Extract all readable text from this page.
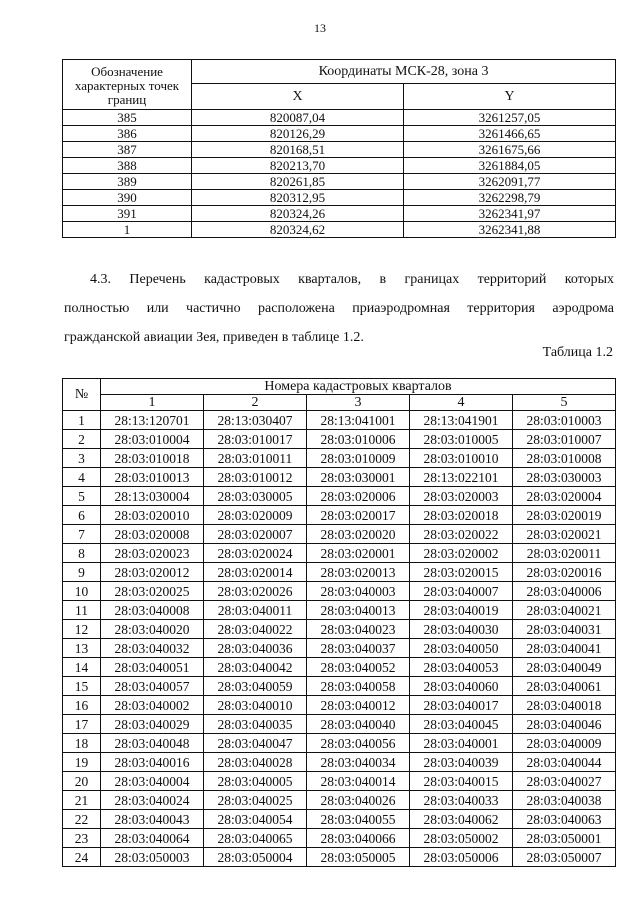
13
Обозначение характерных точек границ	Координаты МСК-28, зона 3	
	X	Y
385	820087,04	3261257,05
386	820126,29	3261466,65
387	820168,51	3261675,66
388	820213,70	3261884,05
389	820261,85	3262091,77
390	820312,95	3262298,79
391	820324,26	3262341,97
1	820324,62	3262341,88
4.3. Перечень кадастровых кварталов, в границах территорий которых
полностью или частично расположена приаэродромная территория аэродрома
гражданской авиации Зея, приведен в таблице 1.2.
Таблица 1.2
№	Номера кадастровых кварталов				
	1	2	3	4	5
1	28:13:120701	28:13:030407	28:13:041001	28:13:041901	28:03:010003
2	28:03:010004	28:03:010017	28:03:010006	28:03:010005	28:03:010007
3	28:03:010018	28:03:010011	28:03:010009	28:03:010010	28:03:010008
4	28:03:010013	28:03:010012	28:03:030001	28:13:022101	28:03:030003
5	28:13:030004	28:03:030005	28:03:020006	28:03:020003	28:03:020004
6	28:03:020010	28:03:020009	28:03:020017	28:03:020018	28:03:020019
7	28:03:020008	28:03:020007	28:03:020020	28:03:020022	28:03:020021
8	28:03:020023	28:03:020024	28:03:020001	28:03:020002	28:03:020011
9	28:03:020012	28:03:020014	28:03:020013	28:03:020015	28:03:020016
10	28:03:020025	28:03:020026	28:03:040003	28:03:040007	28:03:040006
11	28:03:040008	28:03:040011	28:03:040013	28:03:040019	28:03:040021
12	28:03:040020	28:03:040022	28:03:040023	28:03:040030	28:03:040031
13	28:03:040032	28:03:040036	28:03:040037	28:03:040050	28:03:040041
14	28:03:040051	28:03:040042	28:03:040052	28:03:040053	28:03:040049
15	28:03:040057	28:03:040059	28:03:040058	28:03:040060	28:03:040061
16	28:03:040002	28:03:040010	28:03:040012	28:03:040017	28:03:040018
17	28:03:040029	28:03:040035	28:03:040040	28:03:040045	28:03:040046
18	28:03:040048	28:03:040047	28:03:040056	28:03:040001	28:03:040009
19	28:03:040016	28:03:040028	28:03:040034	28:03:040039	28:03:040044
20	28:03:040004	28:03:040005	28:03:040014	28:03:040015	28:03:040027
21	28:03:040024	28:03:040025	28:03:040026	28:03:040033	28:03:040038
22	28:03:040043	28:03:040054	28:03:040055	28:03:040062	28:03:040063
23	28:03:040064	28:03:040065	28:03:040066	28:03:050002	28:03:050001
24	28:03:050003	28:03:050004	28:03:050005	28:03:050006	28:03:050007
